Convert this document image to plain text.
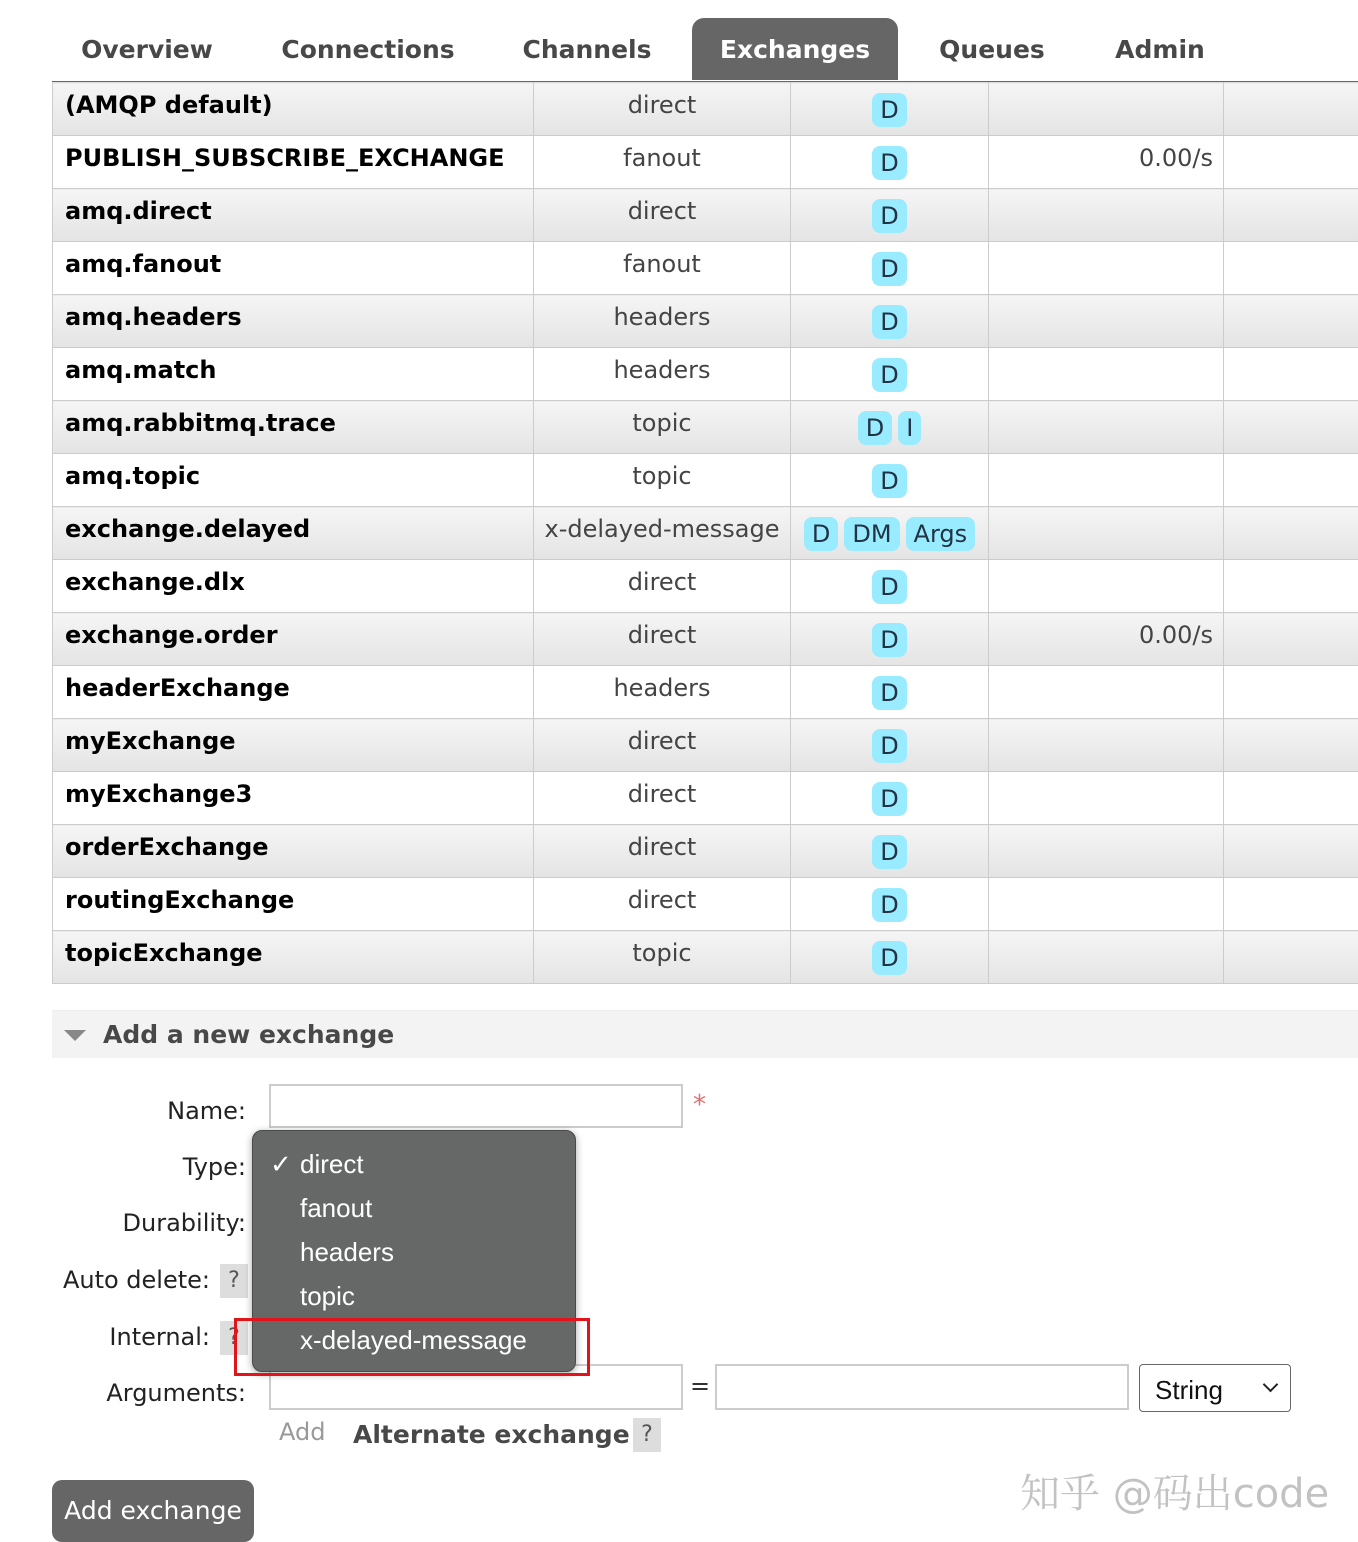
Overview	Connections	Channels	Exchanges	Queues	Admin
(AMQP default)	direct	D		
PUBLISH_SUBSCRIBE_EXCHANGE	fanout	D	0.00/s	
amq.direct	direct	D		
amq.fanout	fanout	D		
amq.headers	headers	D		
amq.match	headers	D		
amq.rabbitmq.trace	topic	D I		
amq.topic	topic	D		
exchange.delayed	x-delayed-message	D DM Args		
exchange.dlx	direct	D		
exchange.order	direct	D	0.00/s	
headerExchange	headers	D		
myExchange	direct	D		
myExchange3	direct	D		
orderExchange	direct	D		
routingExchange	direct	D		
topicExchange	topic	D		
Add a new exchange
Name:	*
Type:
Durability:
Auto delete: ?
Internal: ?
Arguments:	=	String
Add Alternate exchange ?
Add exchange
✓ direct
fanout
headers
topic
x-delayed-message
知乎 @码出code
